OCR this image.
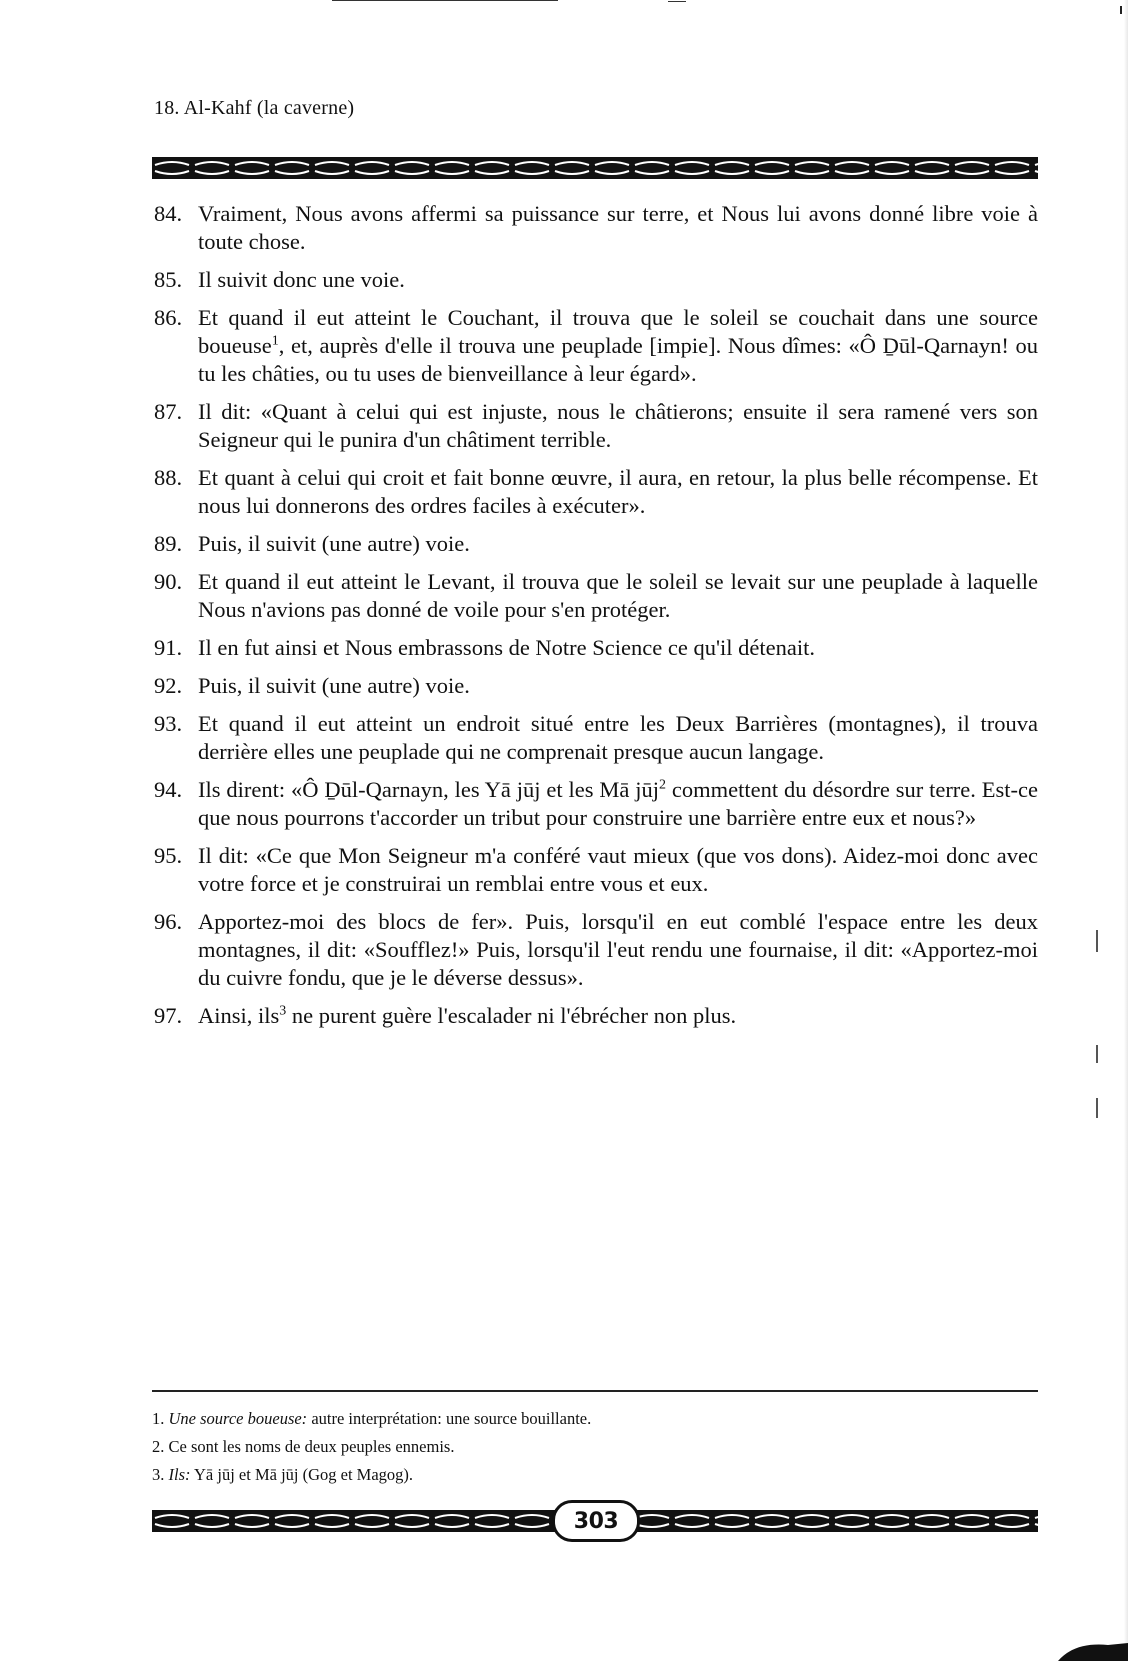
18. Al-Kahf (la caverne)
84. Vraiment, Nous avons affermi sa puissance sur terre, et Nous lui avons donné libre voie à toute chose.
85. Il suivit donc une voie.
86. Et quand il eut atteint le Couchant, il trouva que le soleil se couchait dans une source boueuse$^1$, et, auprès d'elle il trouva une peuplade [impie]. Nous dîmes: «Ô D̠ūl-Qarnayn! ou tu les châties, ou tu uses de bienveillance à leur égard».
87. Il dit: «Quant à celui qui est injuste, nous le châtierons; ensuite il sera ramené vers son Seigneur qui le punira d'un châtiment terrible.
88. Et quant à celui qui croit et fait bonne œuvre, il aura, en retour, la plus belle récompense. Et nous lui donnerons des ordres faciles à exécuter».
89. Puis, il suivit (une autre) voie.
90. Et quand il eut atteint le Levant, il trouva que le soleil se levait sur une peuplade à laquelle Nous n'avions pas donné de voile pour s'en protéger.
91. Il en fut ainsi et Nous embrassons de Notre Science ce qu'il détenait.
92. Puis, il suivit (une autre) voie.
93. Et quand il eut atteint un endroit situé entre les Deux Barrières (montagnes), il trouva derrière elles une peuplade qui ne comprenait presque aucun langage.
94. Ils dirent: «Ô D̠ūl-Qarnayn, les Yā jūj et les Mā jūj$^2$ commettent du désordre sur terre. Est-ce que nous pourrons t'accorder un tribut pour construire une barrière entre eux et nous?»
95. Il dit: «Ce que Mon Seigneur m'a conféré vaut mieux (que vos dons). Aidez-moi donc avec votre force et je construirai un remblai entre vous et eux.
96. Apportez-moi des blocs de fer». Puis, lorsqu'il en eut comblé l'espace entre les deux montagnes, il dit: «Soufflez!» Puis, lorsqu'il l'eut rendu une fournaise, il dit: «Apportez-moi du cuivre fondu, que je le déverse dessus».
97. Ainsi, ils$^3$ ne purent guère l'escalader ni l'ébrécher non plus.
1. Une source boueuse: autre interprétation: une source bouillante.
2. Ce sont les noms de deux peuples ennemis.
3. Ils: Yā jūj et Mā jūj (Gog et Magog).
303
